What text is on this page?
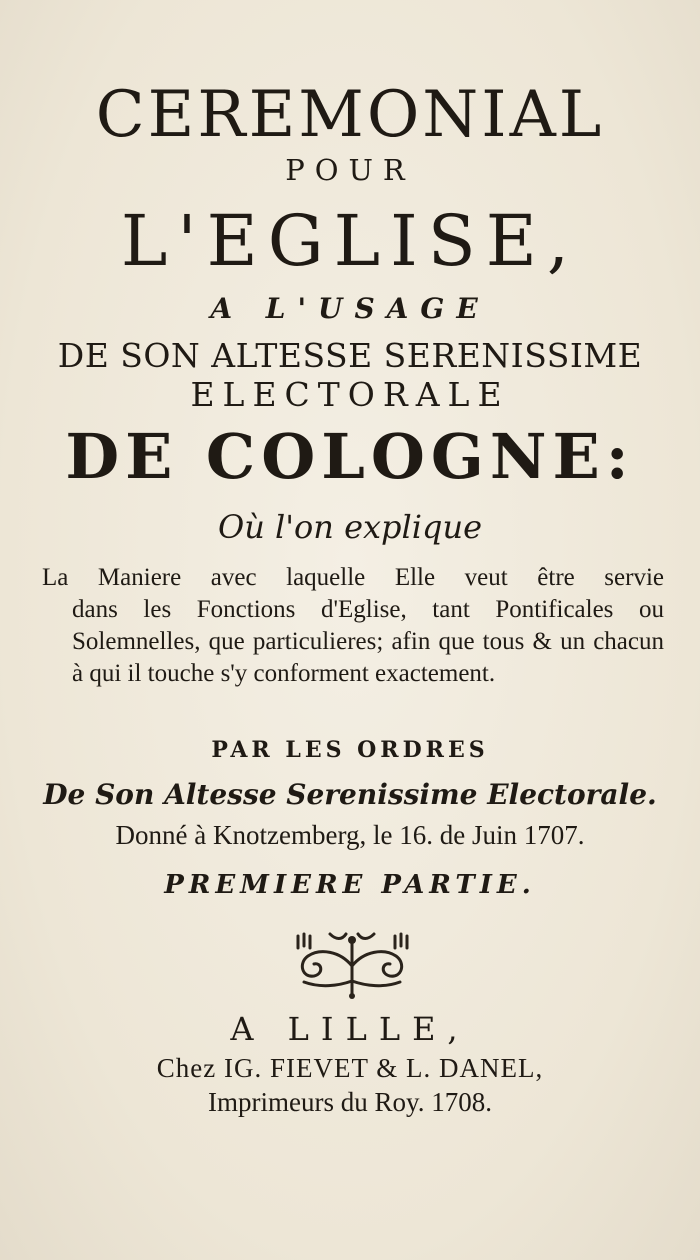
CEREMONIAL
POUR
L'EGLISE,
A L'USAGE
DE SON ALTESSE SERENISSIME
ELECTORALE
DE COLOGNE:
Où l'on explique
La Maniere avec laquelle Elle veut être servie
dans les Fonctions d'Eglise, tant Pontificales ou Solemnelles, que particulieres; afin que tous & un chacun à qui il touche s'y conforment exactement.
PAR LES ORDRES
De Son Altesse Serenissime Electorale.
Donné à Knotzemberg, le 16. de Juin 1707.
PREMIERE PARTIE.
A LILLE,
Chez IG. FIEVET & L. DANEL,
Imprimeurs du Roy. 1708.
